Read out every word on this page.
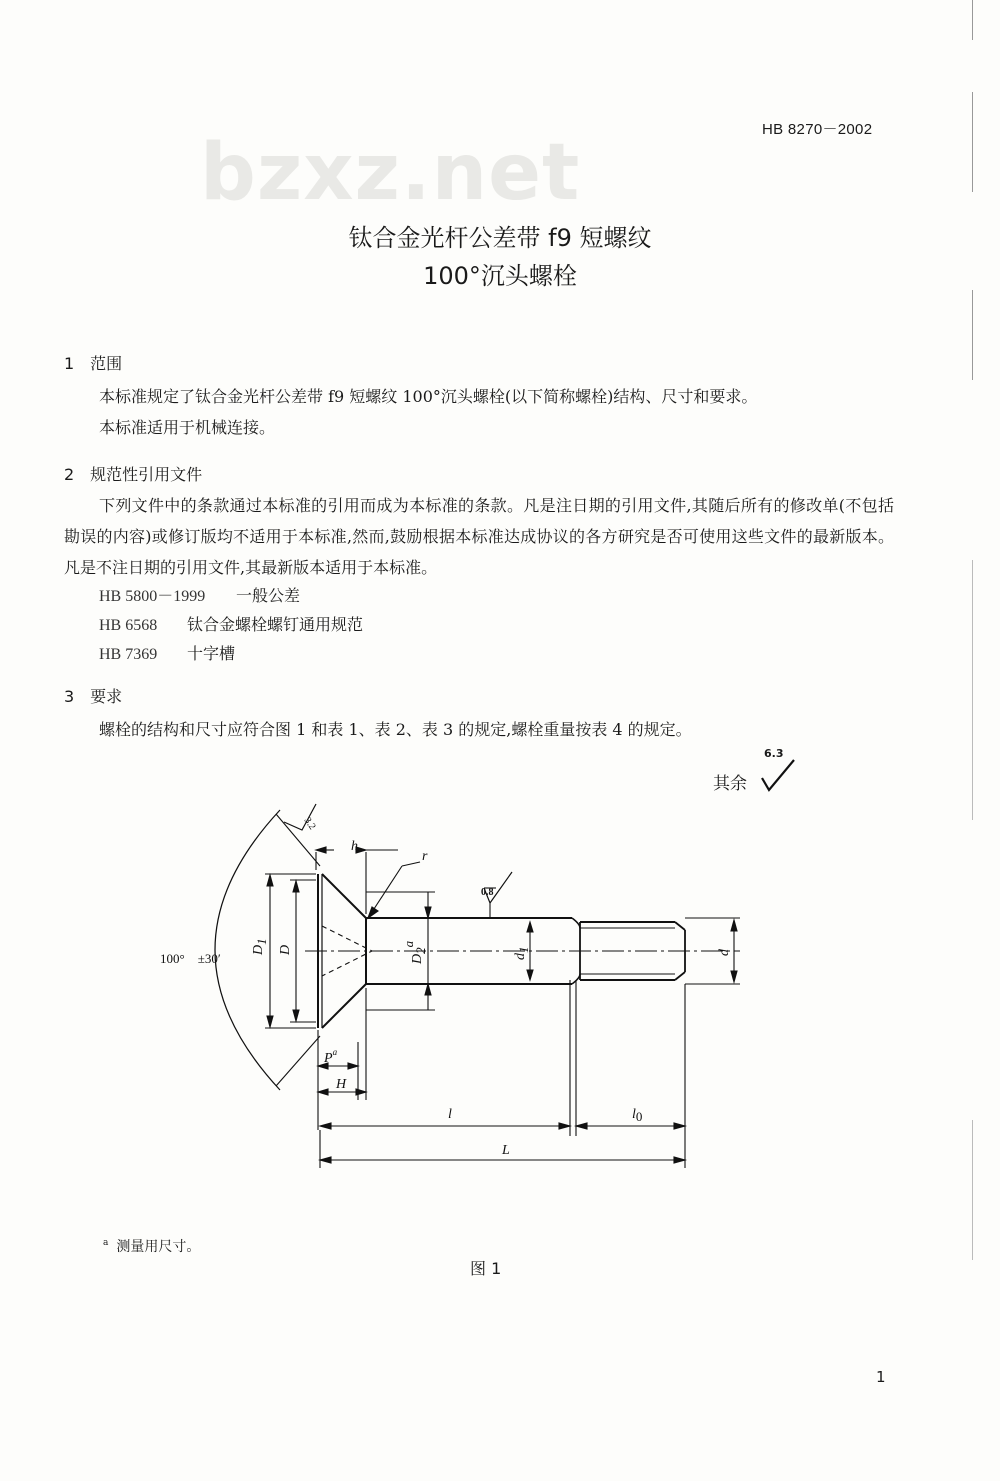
bzxz.net	HB 8270－2002
钛合金光杆公差带 f9 短螺纹
100°沉头螺栓
1　范围
本标准规定了钛合金光杆公差带 f9 短螺纹 100°沉头螺栓(以下简称螺栓)结构、尺寸和要求。
本标准适用于机械连接。
2　规范性引用文件
下列文件中的条款通过本标准的引用而成为本标准的条款。凡是注日期的引用文件,其随后所有的修改单(不包括勘误的内容)或修订版均不适用于本标准,然而,鼓励根据本标准达成协议的各方研究是否可使用这些文件的最新版本。凡是不注日期的引用文件,其最新版本适用于本标准。
HB 5800－1999 一般公差
HB 6568 钛合金螺栓螺钉通用规范
HB 7369 十字槽
3　要求
螺栓的结构和尺寸应符合图 1 和表 1、表 2、表 3 的规定,螺栓重量按表 4 的规定。
其余
6.3
h
r
D1
D
D2a
d1	d
$P^a$
H
l	l0
L
100°　±30′
0.8
3.2
$^a$ 测量用尺寸。
图 1
1
